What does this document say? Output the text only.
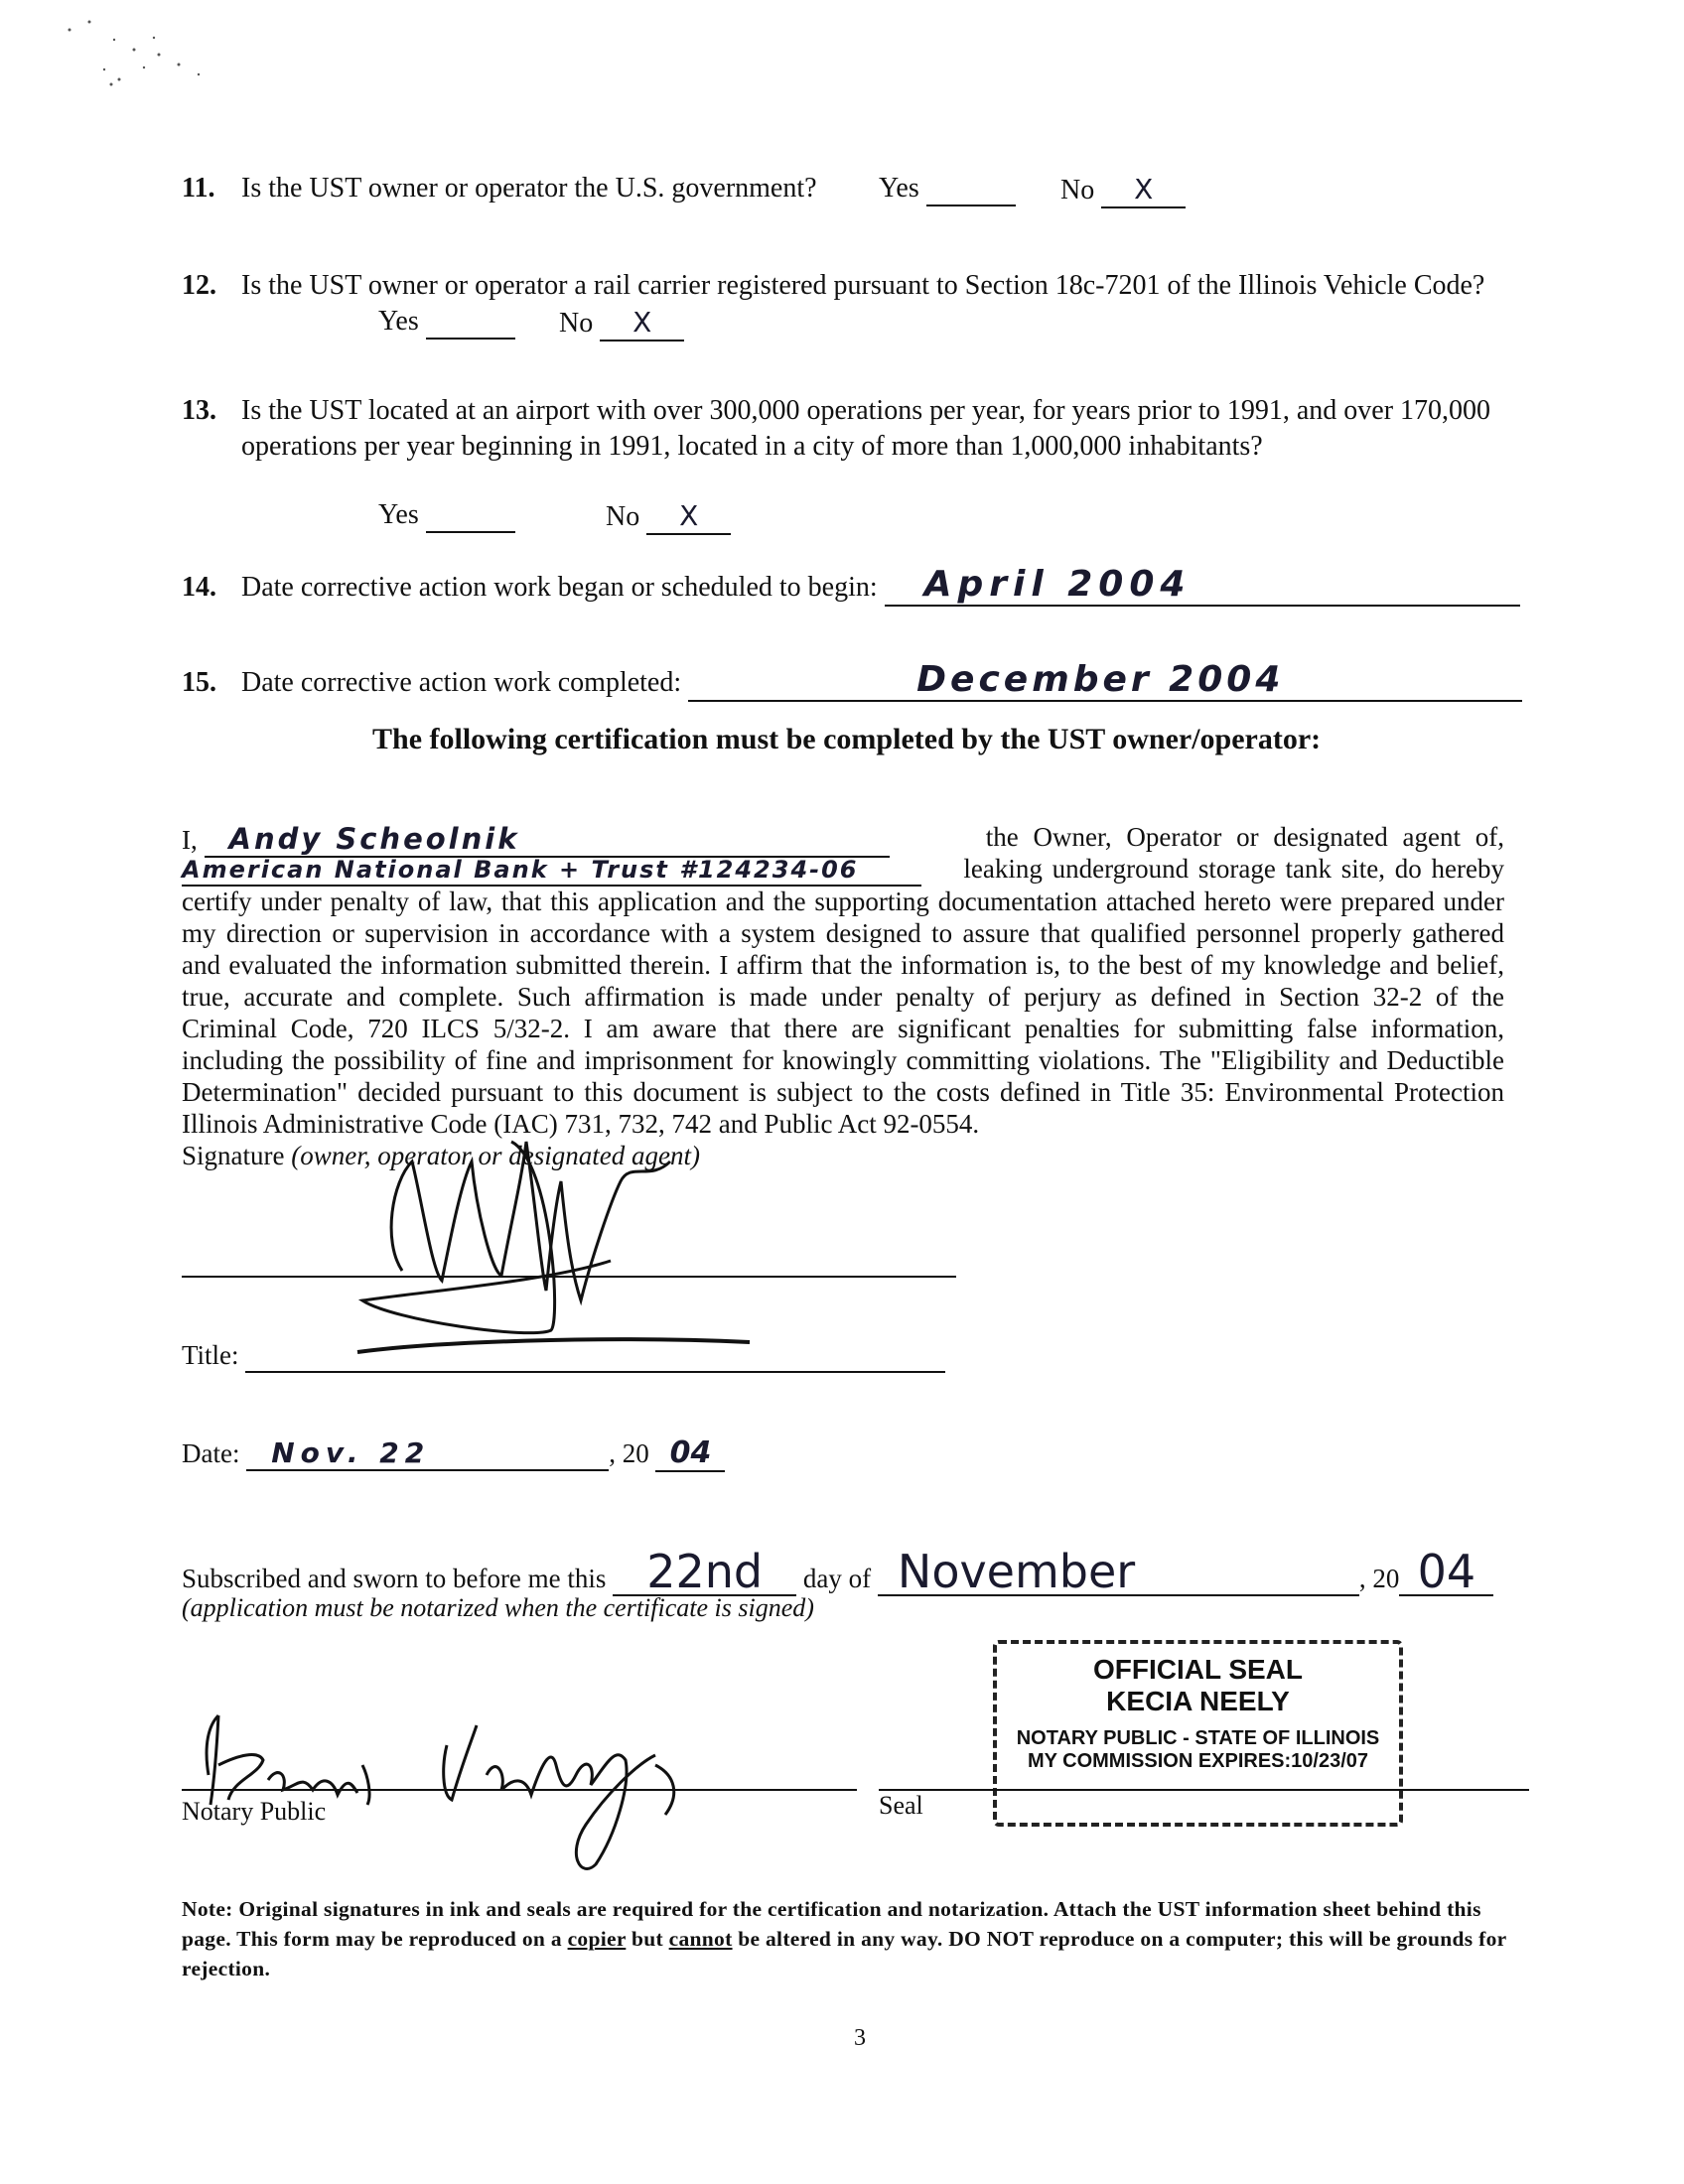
11. Is the UST owner or operator the U.S. government? Yes	No X
12. Is the UST owner or operator a rail carrier registered pursuant to Section 18c-7201 of the Illinois Vehicle Code?
Yes	No X
13. Is the UST located at an airport with over 300,000 operations per year, for years prior to 1991, and over 170,000
operations per year beginning in 1991, located in a city of more than 1,000,000 inhabitants?
Yes	No X
14. Date corrective action work began or scheduled to begin: April 2004
15. Date corrective action work completed:	December 2004
The following certification must be completed by the UST owner/operator:
I, Andy Scheolnik	the Owner, Operator or designated agent of,
American National Bank + Trust #124234-06	leaking underground storage tank site, do hereby
certify under penalty of law, that this application and the supporting documentation attached hereto were prepared under
my direction or supervision in accordance with a system designed to assure that qualified personnel properly gathered
and evaluated the information submitted therein. I affirm that the information is, to the best of my knowledge and belief,
true, accurate and complete. Such affirmation is made under penalty of perjury as defined in Section 32-2 of the
Criminal Code, 720 ILCS 5/32-2. I am aware that there are significant penalties for submitting false information,
including the possibility of fine and imprisonment for knowingly committing violations. The "Eligibility and Deductible
Determination" decided pursuant to this document is subject to the costs defined in Title 35: Environmental Protection
Illinois Administrative Code (IAC) 731, 732, 742 and Public Act 92-0554.
Signature (owner, operator or designated agent)
Title:
Date: Nov. 22	, 20 04
Subscribed and sworn to before me this 22nd day of November	, 20 04
(application must be notarized when the certificate is signed)
OFFICIAL SEAL
KECIA NEELY
NOTARY PUBLIC - STATE OF ILLINOIS
MY COMMISSION EXPIRES:10/23/07
Notary Public	Seal
Note: Original signatures in ink and seals are required for the certification and notarization. Attach the UST information sheet behind this page. This form may be reproduced on a copier but cannot be altered in any way. DO NOT reproduce on a computer; this will be grounds for rejection.
3
